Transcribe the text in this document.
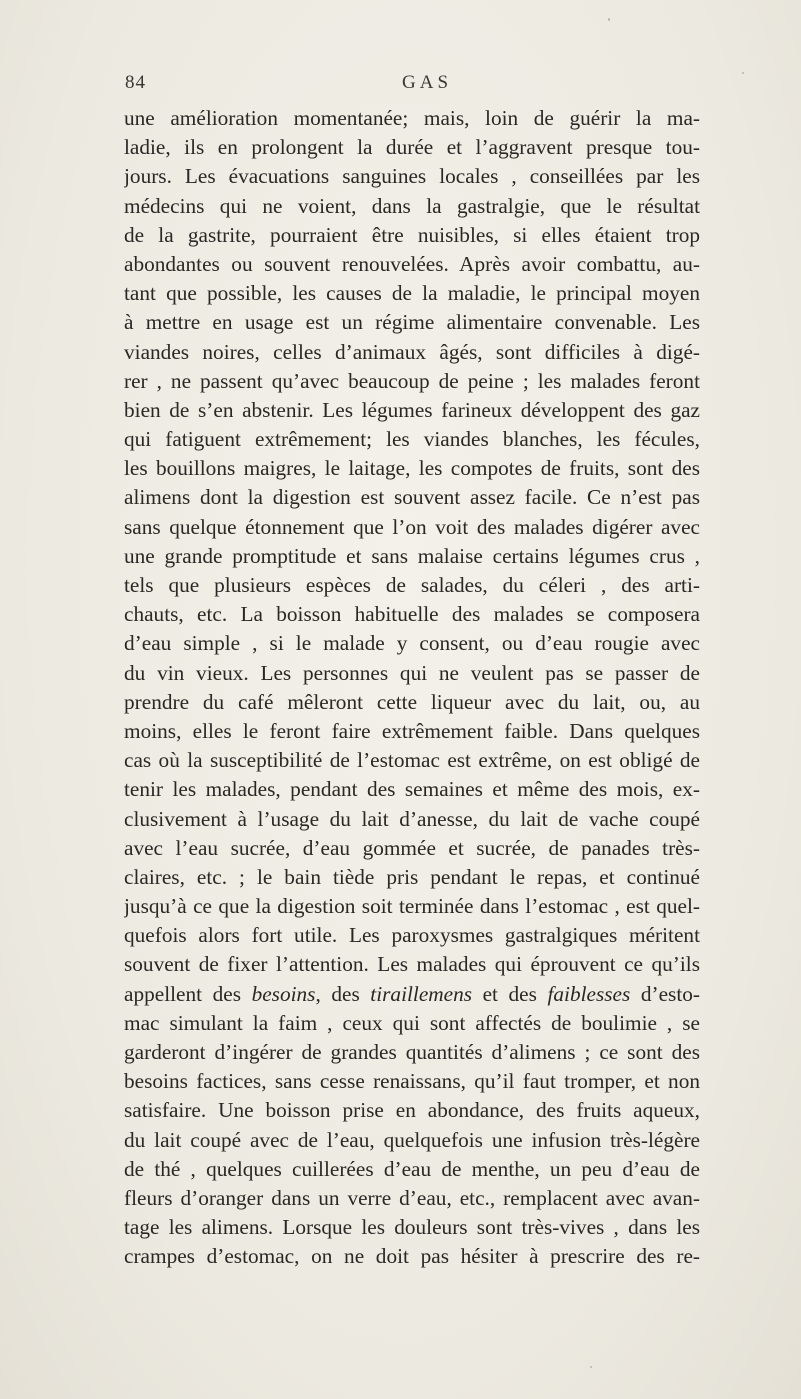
84	GAS
une amélioration momentanée; mais, loin de guérir la ma-
ladie, ils en prolongent la durée et l’aggravent presque tou-
jours. Les évacuations sanguines locales , conseillées par les
médecins qui ne voient, dans la gastralgie, que le résultat
de la gastrite, pourraient être nuisibles, si elles étaient trop
abondantes ou souvent renouvelées. Après avoir combattu, au-
tant que possible, les causes de la maladie, le principal moyen
à mettre en usage est un régime alimentaire convenable. Les
viandes noires, celles d’animaux âgés, sont difficiles à digé-
rer , ne passent qu’avec beaucoup de peine ; les malades feront
bien de s’en abstenir. Les légumes farineux développent des gaz
qui fatiguent extrêmement; les viandes blanches, les fécules,
les bouillons maigres, le laitage, les compotes de fruits, sont des
alimens dont la digestion est souvent assez facile. Ce n’est pas
sans quelque étonnement que l’on voit des malades digérer avec
une grande promptitude et sans malaise certains légumes crus ,
tels que plusieurs espèces de salades, du céleri , des arti-
chauts, etc. La boisson habituelle des malades se composera
d’eau simple , si le malade y consent, ou d’eau rougie avec
du vin vieux. Les personnes qui ne veulent pas se passer de
prendre du café mêleront cette liqueur avec du lait, ou, au
moins, elles le feront faire extrêmement faible. Dans quelques
cas où la susceptibilité de l’estomac est extrême, on est obligé de
tenir les malades, pendant des semaines et même des mois, ex-
clusivement à l’usage du lait d’anesse, du lait de vache coupé
avec l’eau sucrée, d’eau gommée et sucrée, de panades très-
claires, etc. ; le bain tiède pris pendant le repas, et continué
jusqu’à ce que la digestion soit terminée dans l’estomac , est quel-
quefois alors fort utile. Les paroxysmes gastralgiques méritent
souvent de fixer l’attention. Les malades qui éprouvent ce qu’ils
appellent des besoins, des tiraillemens et des faiblesses d’esto-
mac simulant la faim , ceux qui sont affectés de boulimie , se
garderont d’ingérer de grandes quantités d’alimens ; ce sont des
besoins factices, sans cesse renaissans, qu’il faut tromper, et non
satisfaire. Une boisson prise en abondance, des fruits aqueux,
du lait coupé avec de l’eau, quelquefois une infusion très-légère
de thé , quelques cuillerées d’eau de menthe, un peu d’eau de
fleurs d’oranger dans un verre d’eau, etc., remplacent avec avan-
tage les alimens. Lorsque les douleurs sont très-vives , dans les
crampes d’estomac, on ne doit pas hésiter à prescrire des re-
